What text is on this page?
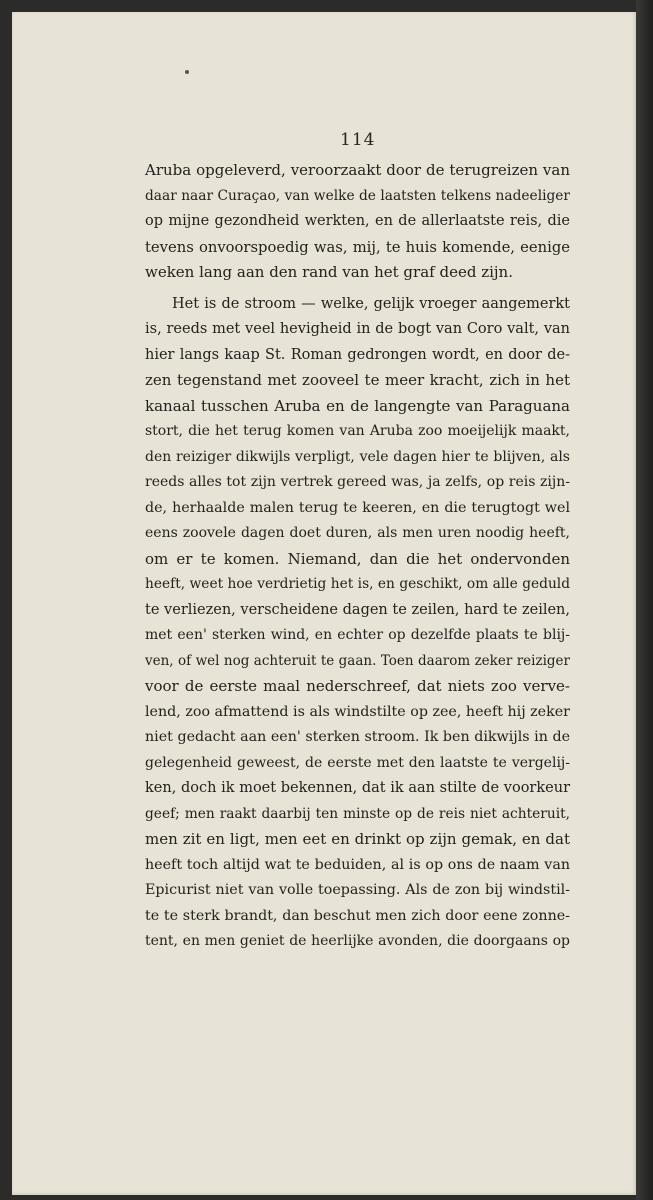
114
Aruba opgeleverd, veroorzaakt door de terugreizen van
daar naar Curaçao, van welke de laatsten telkens nadeeliger
op mijne gezondheid werkten, en de allerlaatste reis, die
tevens onvoorspoedig was, mij, te huis komende, eenige
weken lang aan den rand van het graf deed zijn.
Het is de stroom — welke, gelijk vroeger aangemerkt
is, reeds met veel hevigheid in de bogt van Coro valt, van
hier langs kaap St. Roman gedrongen wordt, en door de-
zen tegenstand met zooveel te meer kracht, zich in het
kanaal tusschen Aruba en de langengte van Paraguana
stort, die het terug komen van Aruba zoo moeijelijk maakt,
den reiziger dikwijls verpligt, vele dagen hier te blijven, als
reeds alles tot zijn vertrek gereed was, ja zelfs, op reis zijn-
de, herhaalde malen terug te keeren, en die terugtogt wel
eens zoovele dagen doet duren, als men uren noodig heeft,
om er te komen. Niemand, dan die het ondervonden
heeft, weet hoe verdrietig het is, en geschikt, om alle geduld
te verliezen, verscheidene dagen te zeilen, hard te zeilen,
met een' sterken wind, en echter op dezelfde plaats te blij-
ven, of wel nog achteruit te gaan. Toen daarom zeker reiziger
voor de eerste maal nederschreef, dat niets zoo verve-
lend, zoo afmattend is als windstilte op zee, heeft hij zeker
niet gedacht aan een' sterken stroom. Ik ben dikwijls in de
gelegenheid geweest, de eerste met den laatste te vergelij-
ken, doch ik moet bekennen, dat ik aan stilte de voorkeur
geef; men raakt daarbij ten minste op de reis niet achteruit,
men zit en ligt, men eet en drinkt op zijn gemak, en dat
heeft toch altijd wat te beduiden, al is op ons de naam van
Epicurist niet van volle toepassing. Als de zon bij windstil-
te te sterk brandt, dan beschut men zich door eene zonne-
tent, en men geniet de heerlijke avonden, die doorgaans op
